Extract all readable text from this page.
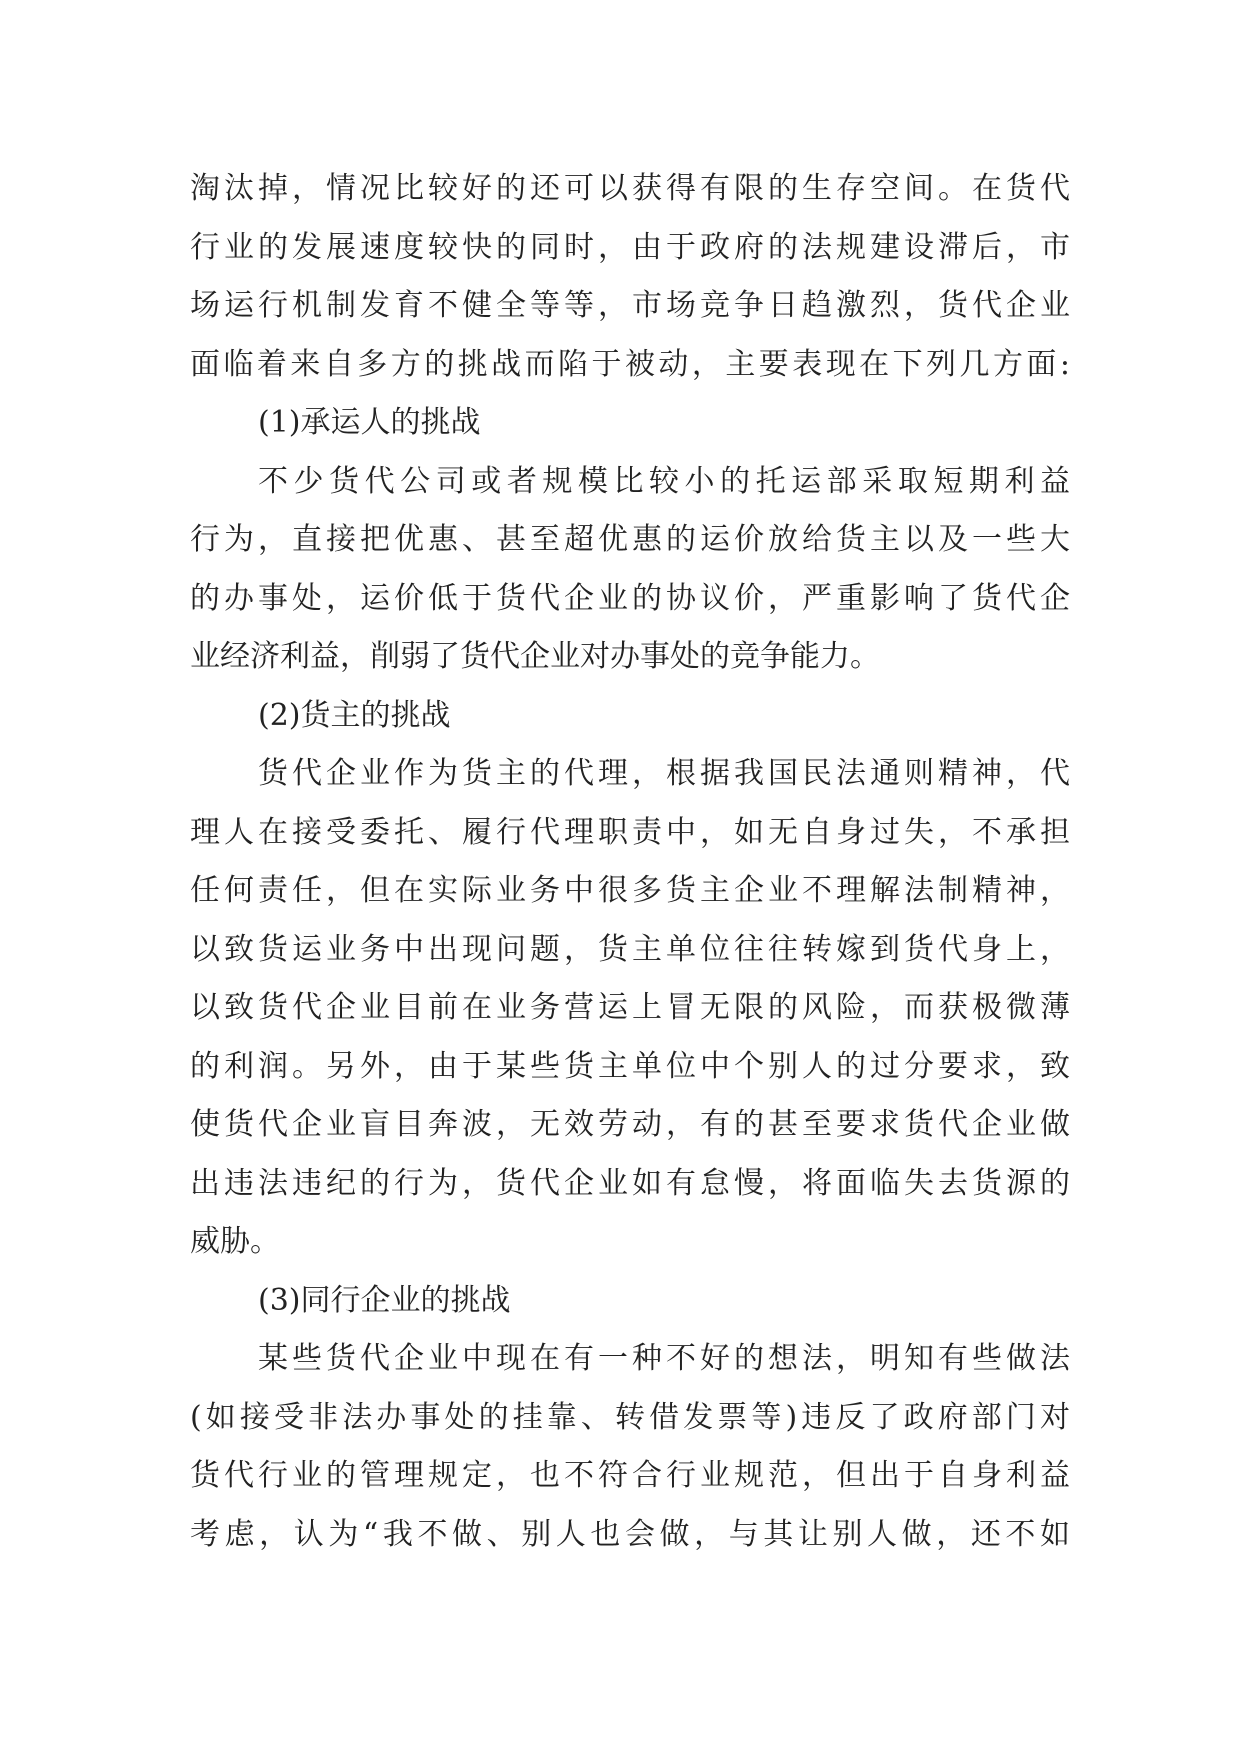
淘汰掉，情况比较好的还可以获得有限的生存空间。在货代
行业的发展速度较快的同时，由于政府的法规建设滞后，市
场运行机制发育不健全等等，市场竞争日趋激烈，货代企业
面临着来自多方的挑战而陷于被动，主要表现在下列几方面:
(1)承运人的挑战
不少货代公司或者规模比较小的托运部采取短期利益
行为，直接把优惠、甚至超优惠的运价放给货主以及一些大
的办事处，运价低于货代企业的协议价，严重影响了货代企
业经济利益，削弱了货代企业对办事处的竞争能力。
(2)货主的挑战
货代企业作为货主的代理，根据我国民法通则精神，代
理人在接受委托、履行代理职责中，如无自身过失，不承担
任何责任，但在实际业务中很多货主企业不理解法制精神，
以致货运业务中出现问题，货主单位往往转嫁到货代身上，
以致货代企业目前在业务营运上冒无限的风险，而获极微薄
的利润。另外，由于某些货主单位中个别人的过分要求，致
使货代企业盲目奔波，无效劳动，有的甚至要求货代企业做
出违法违纪的行为，货代企业如有怠慢，将面临失去货源的
威胁。
(3)同行企业的挑战
某些货代企业中现在有一种不好的想法，明知有些做法
(如接受非法办事处的挂靠、转借发票等)违反了政府部门对
货代行业的管理规定，也不符合行业规范，但出于自身利益
考虑，认为“我不做、别人也会做，与其让别人做，还不如
